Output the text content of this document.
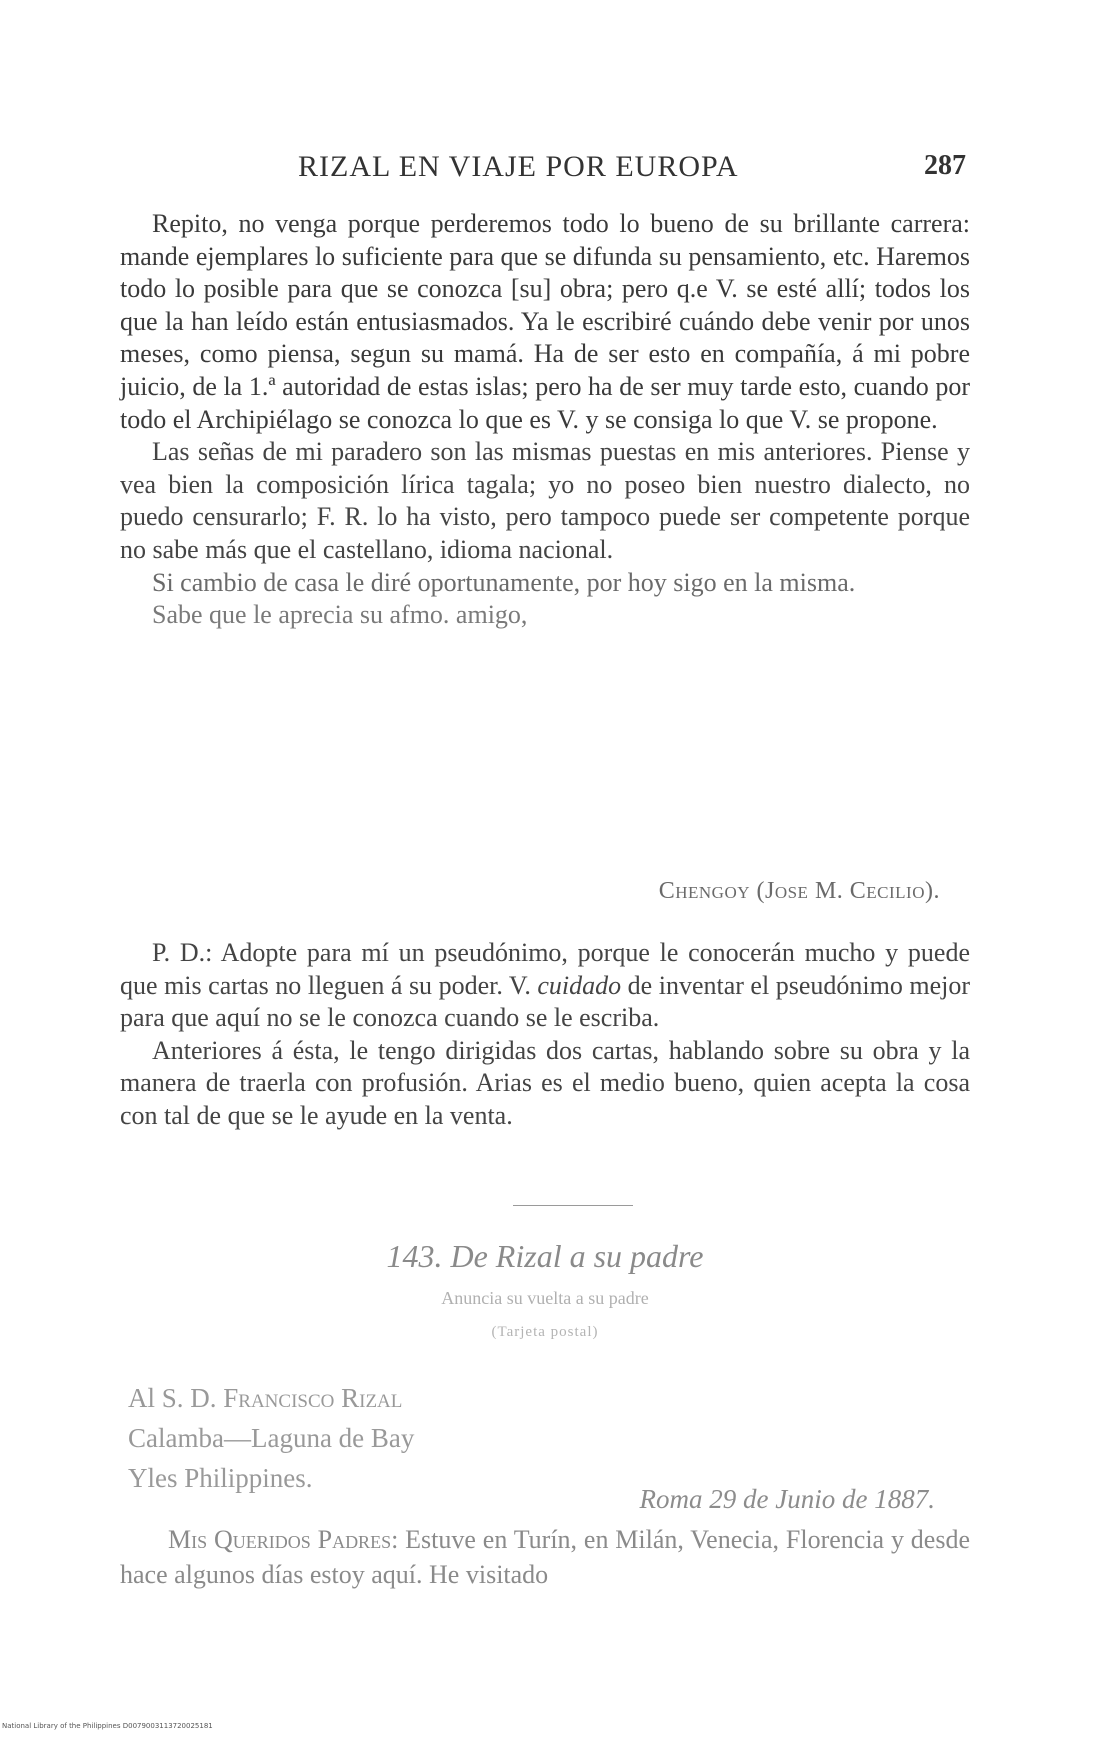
RIZAL EN VIAJE POR EUROPA	287

Repito, no venga porque perderemos todo lo bueno de su brillante carrera: mande ejemplares lo suficiente para que se difunda su pensamiento, etc. Haremos todo lo posible para que se conozca [su] obra; pero q.e V. se esté allí; todos los que la han leído están entusiasmados. Ya le escribiré cuándo debe venir por unos meses, como piensa, segun su mamá. Ha de ser esto en compañía, á mi pobre juicio, de la 1.ª autoridad de estas islas; pero ha de ser muy tarde esto, cuando por todo el Archipiélago se conozca lo que es V. y se consiga lo que V. se propone.

Las señas de mi paradero son las mismas puestas en mis anteriores. Piense y vea bien la composición lírica tagala; yo no poseo bien nuestro dialecto, no puedo censurarlo; F. R. lo ha visto, pero tampoco puede ser competente porque no sabe más que el castellano, idioma nacional.

Si cambio de casa le diré oportunamente, por hoy sigo en la misma.

Sabe que le aprecia su afmo. amigo,

Chengoy (Jose M. Cecilio).

P. D.: Adopte para mí un pseudónimo, porque le conocerán mucho y puede que mis cartas no lleguen á su poder. V. cuidado de inventar el pseudónimo mejor para que aquí no se le conozca cuando se le escriba.

Anteriores á ésta, le tengo dirigidas dos cartas, hablando sobre su obra y la manera de traerla con profusión. Arias es el medio bueno, quien acepta la cosa con tal de que se le ayude en la venta.

143. De Rizal a su padre
Anuncia su vuelta a su padre
(Tarjeta postal)
Al S. D. Francisco Rizal
Calamba—Laguna de Bay
Yles Philippines.
Roma 29 de Junio de 1887.

Mis Queridos Padres: Estuve en Turín, en Milán, Venecia, Florencia y desde hace algunos días estoy aquí. He visitado

National Library of the Philippines D0079003113720025181
